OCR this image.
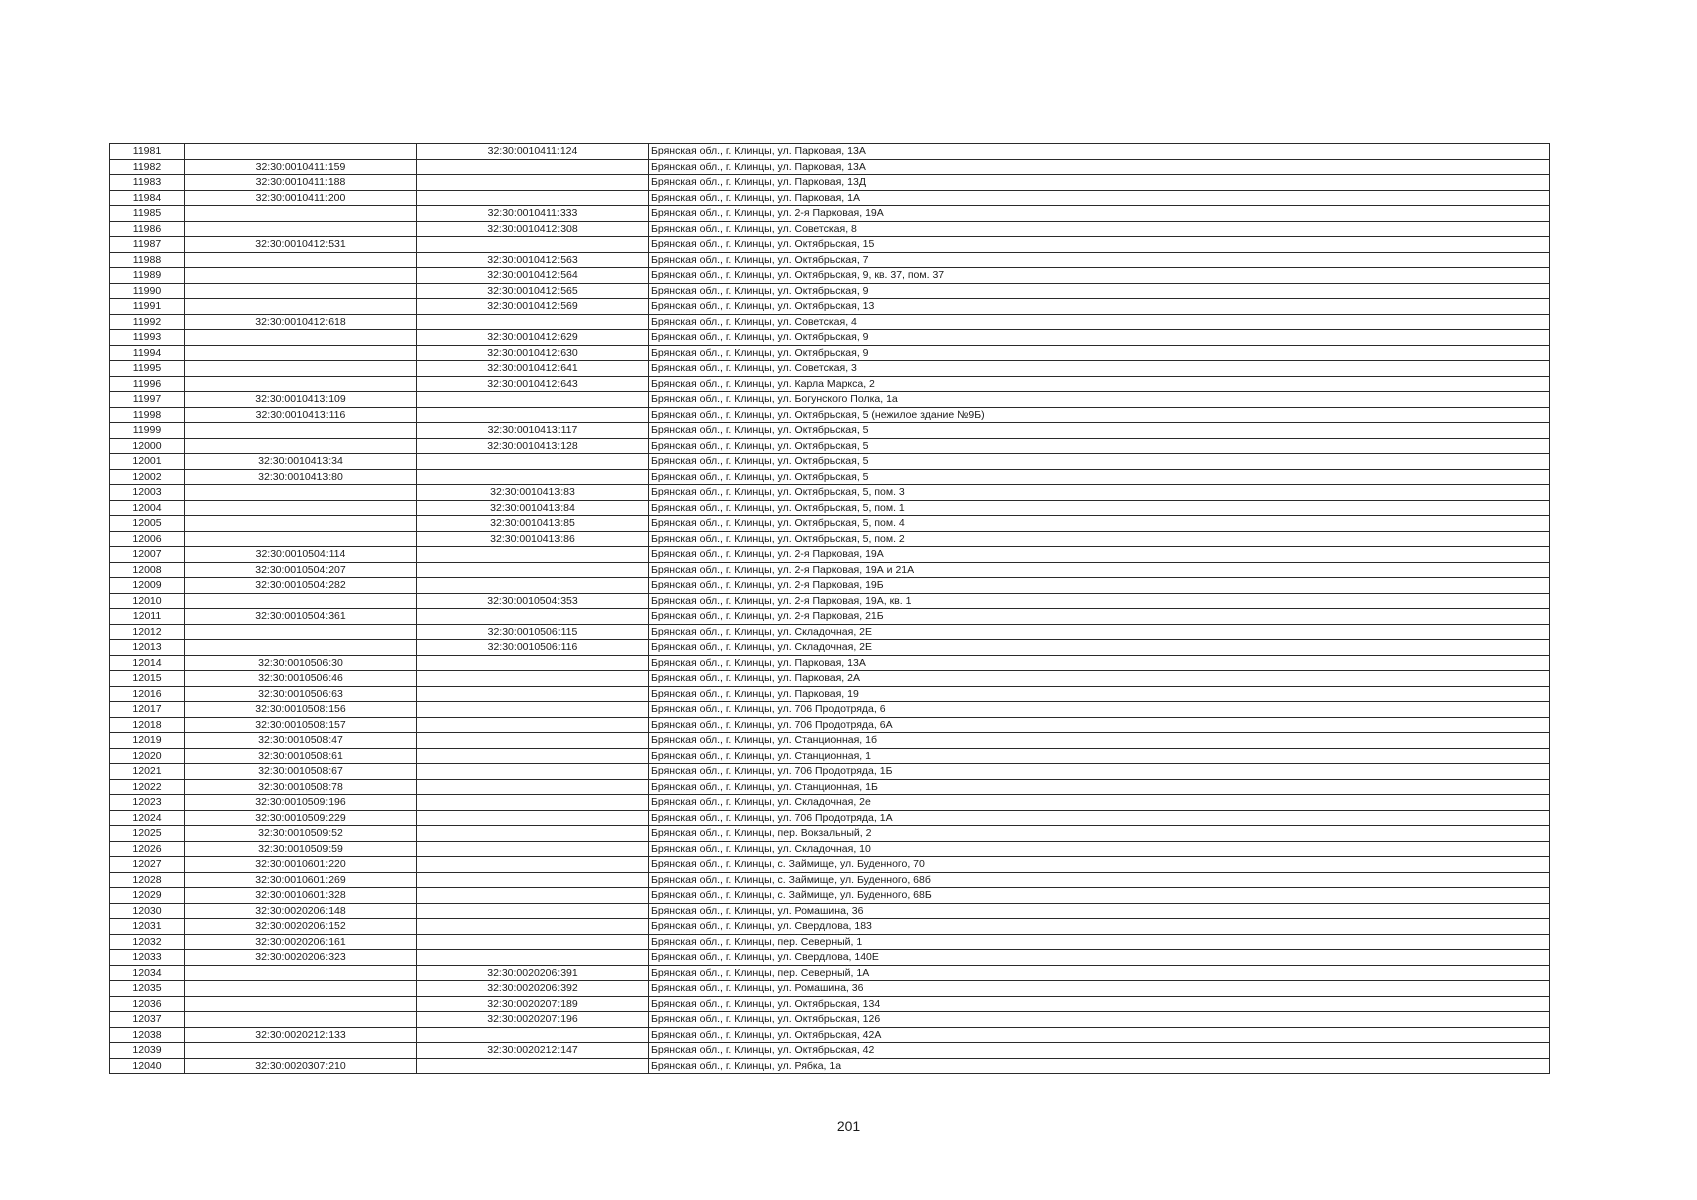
11981		32:30:0010411:124	Брянская обл., г. Клинцы, ул. Парковая, 13А
11982	32:30:0010411:159		Брянская обл., г. Клинцы, ул. Парковая, 13А
11983	32:30:0010411:188		Брянская обл., г. Клинцы, ул. Парковая, 13Д
11984	32:30:0010411:200		Брянская обл., г. Клинцы, ул. Парковая, 1А
11985		32:30:0010411:333	Брянская обл., г. Клинцы, ул. 2-я Парковая, 19А
11986		32:30:0010412:308	Брянская обл., г. Клинцы, ул. Советская, 8
11987	32:30:0010412:531		Брянская обл., г. Клинцы, ул. Октябрьская, 15
11988		32:30:0010412:563	Брянская обл., г. Клинцы, ул. Октябрьская, 7
11989		32:30:0010412:564	Брянская обл., г. Клинцы, ул. Октябрьская, 9, кв. 37, пом. 37
11990		32:30:0010412:565	Брянская обл., г. Клинцы, ул. Октябрьская, 9
11991		32:30:0010412:569	Брянская обл., г. Клинцы, ул. Октябрьская, 13
11992	32:30:0010412:618		Брянская обл., г. Клинцы, ул. Советская, 4
11993		32:30:0010412:629	Брянская обл., г. Клинцы, ул. Октябрьская, 9
11994		32:30:0010412:630	Брянская обл., г. Клинцы, ул. Октябрьская, 9
11995		32:30:0010412:641	Брянская обл., г. Клинцы, ул. Советская, 3
11996		32:30:0010412:643	Брянская обл., г. Клинцы, ул. Карла Маркса, 2
11997	32:30:0010413:109		Брянская обл., г. Клинцы, ул. Богунского Полка, 1а
11998	32:30:0010413:116		Брянская обл., г. Клинцы, ул. Октябрьская, 5 (нежилое здание №9Б)
11999		32:30:0010413:117	Брянская обл., г. Клинцы, ул. Октябрьская, 5
12000		32:30:0010413:128	Брянская обл., г. Клинцы, ул. Октябрьская, 5
12001	32:30:0010413:34		Брянская обл., г. Клинцы, ул. Октябрьская, 5
12002	32:30:0010413:80		Брянская обл., г. Клинцы, ул. Октябрьская, 5
12003		32:30:0010413:83	Брянская обл., г. Клинцы, ул. Октябрьская, 5, пом. 3
12004		32:30:0010413:84	Брянская обл., г. Клинцы, ул. Октябрьская, 5, пом. 1
12005		32:30:0010413:85	Брянская обл., г. Клинцы, ул. Октябрьская, 5, пом. 4
12006		32:30:0010413:86	Брянская обл., г. Клинцы, ул. Октябрьская, 5, пом. 2
12007	32:30:0010504:114		Брянская обл., г. Клинцы, ул. 2-я Парковая, 19А
12008	32:30:0010504:207		Брянская обл., г. Клинцы, ул. 2-я Парковая, 19А и 21А
12009	32:30:0010504:282		Брянская обл., г. Клинцы, ул. 2-я Парковая, 19Б
12010		32:30:0010504:353	Брянская обл., г. Клинцы, ул. 2-я Парковая, 19А, кв. 1
12011	32:30:0010504:361		Брянская обл., г. Клинцы, ул. 2-я Парковая, 21Б
12012		32:30:0010506:115	Брянская обл., г. Клинцы, ул. Складочная, 2Е
12013		32:30:0010506:116	Брянская обл., г. Клинцы, ул. Складочная, 2Е
12014	32:30:0010506:30		Брянская обл., г. Клинцы, ул. Парковая, 13А
12015	32:30:0010506:46		Брянская обл., г. Клинцы, ул. Парковая, 2А
12016	32:30:0010506:63		Брянская обл., г. Клинцы, ул. Парковая, 19
12017	32:30:0010508:156		Брянская обл., г. Клинцы, ул. 706 Продотряда, 6
12018	32:30:0010508:157		Брянская обл., г. Клинцы, ул. 706 Продотряда, 6А
12019	32:30:0010508:47		Брянская обл., г. Клинцы, ул. Станционная, 1б
12020	32:30:0010508:61		Брянская обл., г. Клинцы, ул. Станционная, 1
12021	32:30:0010508:67		Брянская обл., г. Клинцы, ул. 706 Продотряда, 1Б
12022	32:30:0010508:78		Брянская обл., г. Клинцы, ул. Станционная, 1Б
12023	32:30:0010509:196		Брянская обл., г. Клинцы, ул. Складочная, 2е
12024	32:30:0010509:229		Брянская обл., г. Клинцы, ул. 706 Продотряда, 1А
12025	32:30:0010509:52		Брянская обл., г. Клинцы, пер. Вокзальный, 2
12026	32:30:0010509:59		Брянская обл., г. Клинцы, ул. Складочная, 10
12027	32:30:0010601:220		Брянская обл., г. Клинцы, с. Займище, ул. Буденного, 70
12028	32:30:0010601:269		Брянская обл., г. Клинцы, с. Займище, ул. Буденного, 68б
12029	32:30:0010601:328		Брянская обл., г. Клинцы, с. Займище, ул. Буденного, 68Б
12030	32:30:0020206:148		Брянская обл., г. Клинцы, ул. Ромашина, 36
12031	32:30:0020206:152		Брянская обл., г. Клинцы, ул. Свердлова, 183
12032	32:30:0020206:161		Брянская обл., г. Клинцы, пер. Северный, 1
12033	32:30:0020206:323		Брянская обл., г. Клинцы, ул. Свердлова, 140Е
12034		32:30:0020206:391	Брянская обл., г. Клинцы, пер. Северный, 1А
12035		32:30:0020206:392	Брянская обл., г. Клинцы, ул. Ромашина, 36
12036		32:30:0020207:189	Брянская обл., г. Клинцы, ул. Октябрьская, 134
12037		32:30:0020207:196	Брянская обл., г. Клинцы, ул. Октябрьская, 126
12038	32:30:0020212:133		Брянская обл., г. Клинцы, ул. Октябрьская, 42А
12039		32:30:0020212:147	Брянская обл., г. Клинцы, ул. Октябрьская, 42
12040	32:30:0020307:210		Брянская обл., г. Клинцы, ул. Рябка, 1а
201
